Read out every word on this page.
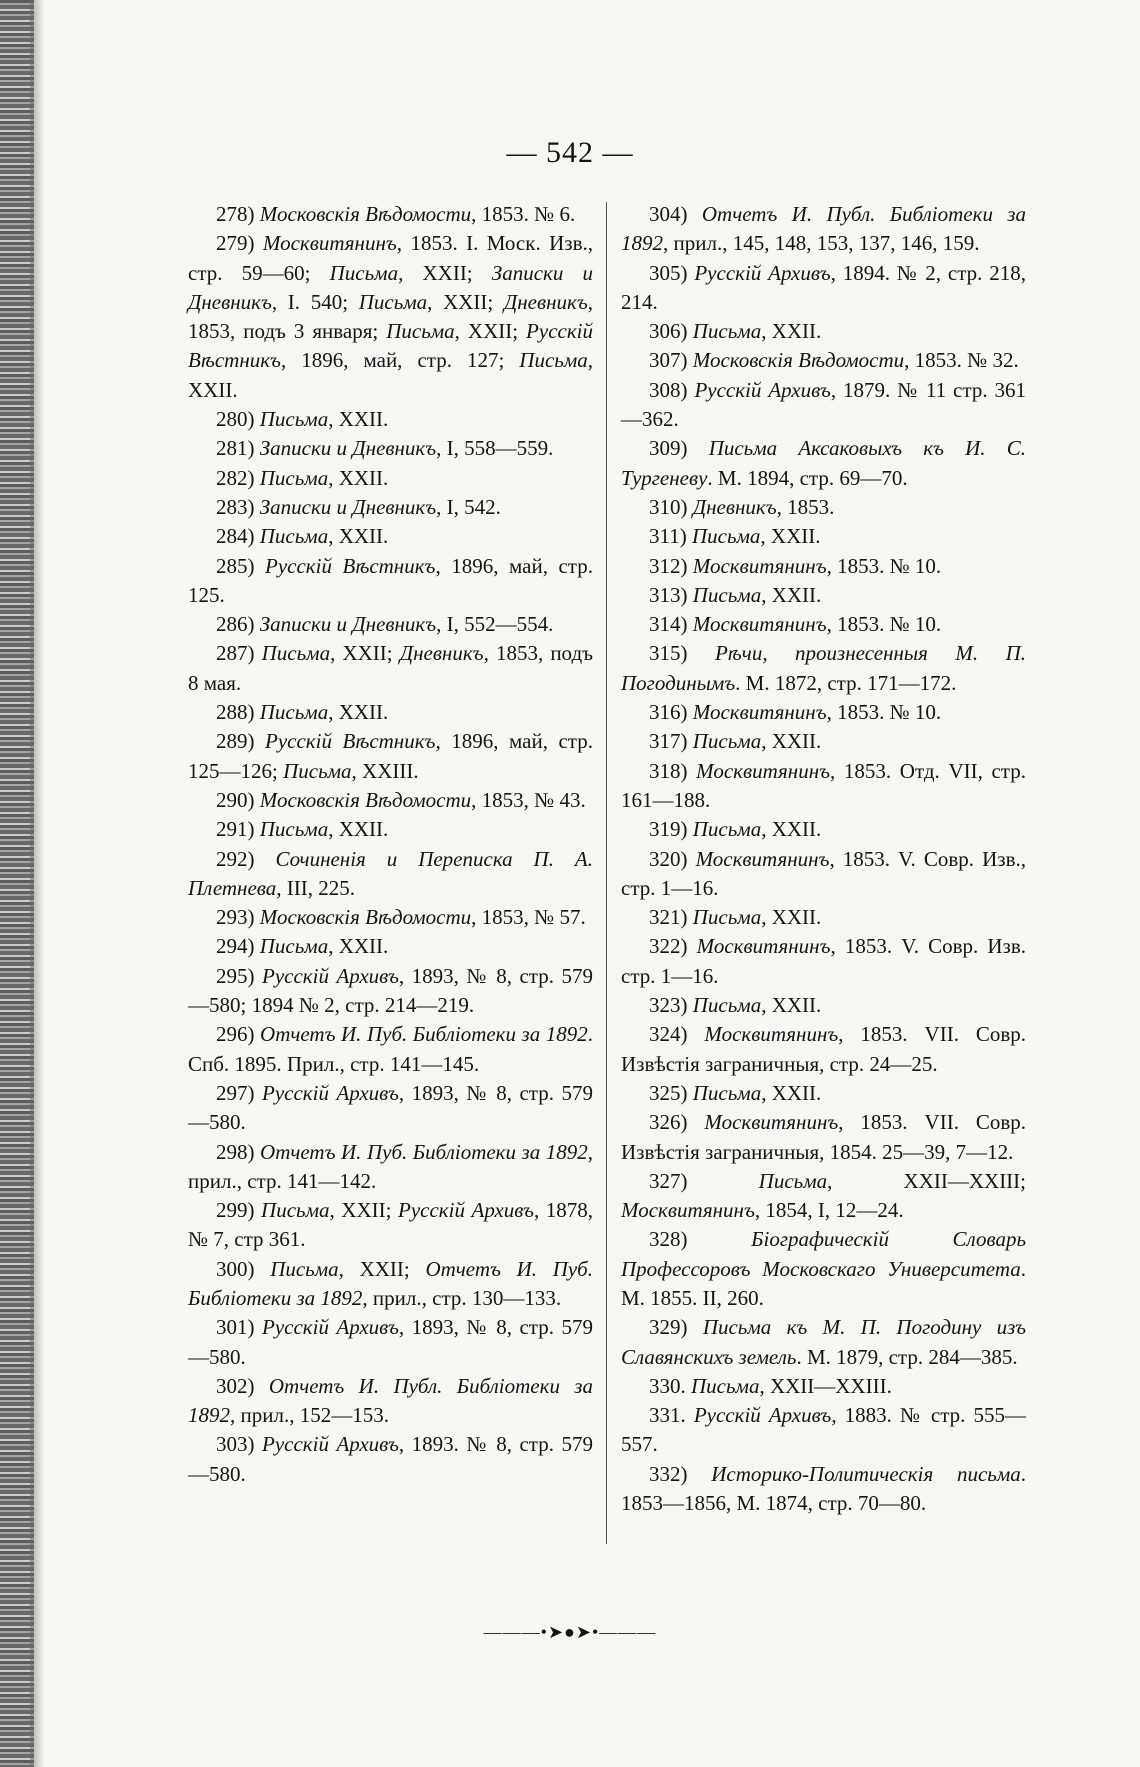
— 542 —

278) Московскія Вѣдомости, 1853. № 6.

279) Москвитянинъ, 1853. I. Моск. Изв., стр. 59—60; Письма, XXII; Записки и Дневникъ, I. 540; Письма, XXII; Дневникъ, 1853, подъ 3 января; Письма, XXII; Русскій Вѣстникъ, 1896, май, стр. 127; Письма, XXII.

280) Письма, XXII.

281) Записки и Дневникъ, I, 558—559.

282) Письма, XXII.

283) Записки и Дневникъ, I, 542.

284) Письма, XXII.

285) Русскій Вѣстникъ, 1896, май, стр. 125.

286) Записки и Дневникъ, I, 552—554.

287) Письма, XXII; Дневникъ, 1853, подъ 8 мая.

288) Письма, XXII.

289) Русскій Вѣстникъ, 1896, май, стр. 125—126; Письма, XXIII.

290) Московскія Вѣдомости, 1853, № 43.

291) Письма, XXII.

292) Сочиненія и Переписка П. А. Плетнева, III, 225.

293) Московскія Вѣдомости, 1853, № 57.

294) Письма, XXII.

295) Русскій Архивъ, 1893, № 8, стр. 579—580; 1894 № 2, стр. 214—219.

296) Отчетъ И. Пуб. Библіотеки за 1892. Спб. 1895. Прил., стр. 141—145.

297) Русскій Архивъ, 1893, № 8, стр. 579—580.

298) Отчетъ И. Пуб. Библіотеки за 1892, прил., стр. 141—142.

299) Письма, XXII; Русскій Архивъ, 1878, № 7, стр 361.

300) Письма, XXII; Отчетъ И. Пуб. Библіотеки за 1892, прил., стр. 130—133.

301) Русскій Архивъ, 1893, № 8, стр. 579—580.

302) Отчетъ И. Публ. Библіотеки за 1892, прил., 152—153.

303) Русскій Архивъ, 1893. № 8, стр. 579—580.

304) Отчетъ И. Публ. Библіотеки за 1892, прил., 145, 148, 153, 137, 146, 159.

305) Русскій Архивъ, 1894. № 2, стр. 218, 214.

306) Письма, XXII.

307) Московскія Вѣдомости, 1853. № 32.

308) Русскій Архивъ, 1879. № 11 стр. 361—362.

309) Письма Аксаковыхъ къ И. С. Тургеневу. М. 1894, стр. 69—70.

310) Дневникъ, 1853.

311) Письма, XXII.

312) Москвитянинъ, 1853. № 10.

313) Письма, XXII.

314) Москвитянинъ, 1853. № 10.

315) Рѣчи, произнесенныя М. П. Погодинымъ. М. 1872, стр. 171—172.

316) Москвитянинъ, 1853. № 10.

317) Письма, XXII.

318) Москвитянинъ, 1853. Отд. VII, стр. 161—188.

319) Письма, XXII.

320) Москвитянинъ, 1853. V. Совр. Изв., стр. 1—16.

321) Письма, XXII.

322) Москвитянинъ, 1853. V. Совр. Изв. стр. 1—16.

323) Письма, XXII.

324) Москвитянинъ, 1853. VII. Совр. Извѣстія заграничныя, стр. 24—25.

325) Письма, XXII.

326) Москвитянинъ, 1853. VII. Совр. Извѣстія заграничныя, 1854. 25—39, 7—12.

327) Письма, XXII—XXIII; Москвитянинъ, 1854, I, 12—24.

328) Біографическій Словарь Профессоровъ Московскаго Университета. М. 1855. II, 260.

329) Письма къ М. П. Погодину изъ Славянскихъ земель. М. 1879, стр. 284—385.

330. Письма, XXII—XXIII.

331. Русскій Архивъ, 1883. № стр. 555—557.

332) Историко-Политическія письма. 1853—1856, М. 1874, стр. 70—80.

———•➤●➤•———
